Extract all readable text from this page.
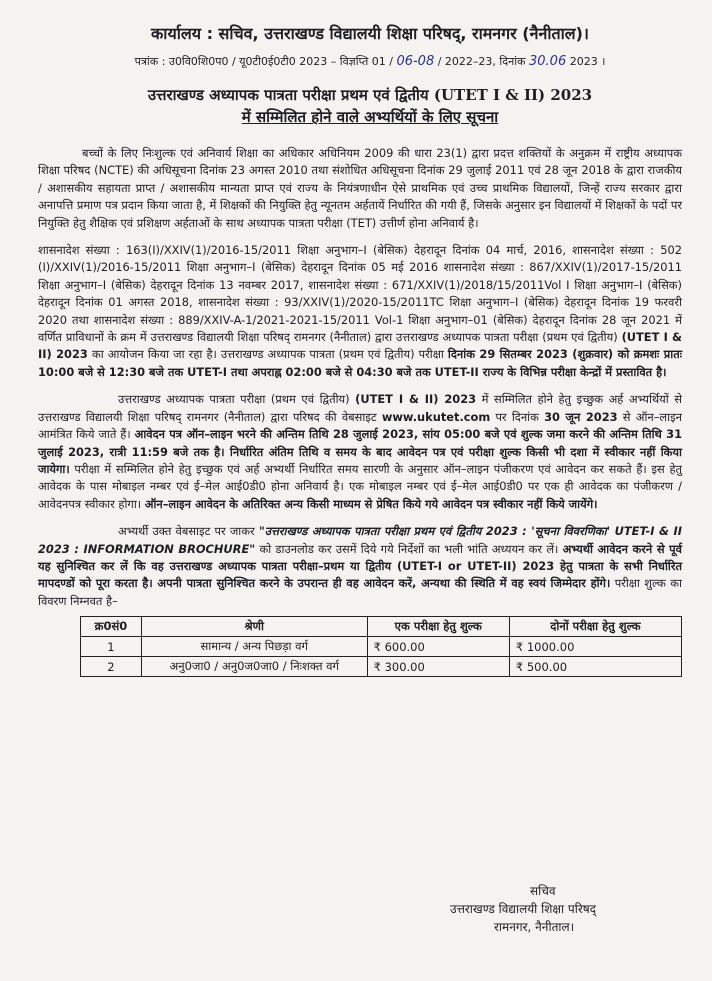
कार्यालय : सचिव, उत्तराखण्ड विद्यालयी शिक्षा परिषद्, रामनगर (नैनीताल)।
पत्रांक : उ0वि0शि0प0 / यू0टी0ई0टी0 2023 – विज्ञप्ति 01 / 06-08 / 2022–23, दिनांक 30.06 2023 ।
उत्तराखण्ड अध्यापक पात्रता परीक्षा प्रथम एवं द्वितीय (UTET I & II) 2023
में सम्मिलित होने वाले अभ्यर्थियों के लिए सूचना
बच्चों के लिए निःशुल्क एवं अनिवार्य शिक्षा का अधिकार अधिनियम 2009 की धारा 23(1) द्वारा प्रदत्त शक्तियों के अनुक्रम में राष्ट्रीय अध्यापक शिक्षा परिषद (NCTE) की अधिसूचना दिनांक 23 अगस्त 2010 तथा संशोधित अधिसूचना दिनांक 29 जुलाई 2011 एवं 28 जून 2018 के द्वारा राजकीय / अशासकीय सहायता प्राप्त / अशासकीय मान्यता प्राप्त एवं राज्य के नियंत्रणाधीन ऐसे प्राथमिक एवं उच्च प्राथमिक विद्यालयों, जिन्हें राज्य सरकार द्वारा अनापत्ति प्रमाण पत्र प्रदान किया जाता है, में शिक्षकों की नियुक्ति हेतु न्यूनतम अर्हतायें निर्धारित की गयी हैं, जिसके अनुसार इन विद्यालयों में शिक्षकों के पदों पर नियुक्ति हेतु शैक्षिक एवं प्रशिक्षण अर्हताओं के साथ अध्यापक पात्रता परीक्षा (TET) उत्तीर्ण होना अनिवार्य है।
शासनादेश संख्या : 163(I)/XXIV(1)/2016-15/2011 शिक्षा अनुभाग–I (बेसिक) देहरादून दिनांक 04 मार्च, 2016, शासनादेश संख्या : 502 (I)/XXIV(1)/2016-15/2011 शिक्षा अनुभाग–I (बेसिक) देहरादून दिनांक 05 मई 2016 शासनादेश संख्या : 867/XXIV(1)/2017-15/2011 शिक्षा अनुभाग–I (बेसिक) देहरादून दिनांक 13 नवम्बर 2017, शासनादेश संख्या : 671/XXIV(1)/2018/15/2011Vol I शिक्षा अनुभाग–I (बेसिक) देहरादून दिनांक 01 अगस्त 2018, शासनादेश संख्या : 93/XXIV(1)/2020-15/2011TC शिक्षा अनुभाग–I (बेसिक) देहरादून दिनांक 19 फरवरी 2020 तथा शासनादेश संख्या : 889/XXIV-A-1/2021-2021-15/2011 Vol-1 शिक्षा अनुभाग–01 (बेसिक) देहरादून दिनांक 28 जून 2021 में वर्णित प्राविधानों के क्रम में उत्तराखण्ड विद्यालयी शिक्षा परिषद् रामनगर (नैनीताल) द्वारा उत्तराखण्ड अध्यापक पात्रता परीक्षा (प्रथम एवं द्वितीय) (UTET I & II) 2023 का आयोजन किया जा रहा है। उत्तराखण्ड अध्यापक पात्रता (प्रथम एवं द्वितीय) परीक्षा दिनांक 29 सितम्बर 2023 (शुक्रवार) को क्रमशः प्रातः 10:00 बजे से 12:30 बजे तक UTET-I तथा अपराह्न 02:00 बजे से 04:30 बजे तक UTET-II राज्य के विभिन्न परीक्षा केन्द्रों में प्रस्तावित है।
उत्तराखण्ड अध्यापक पात्रता परीक्षा (प्रथम एवं द्वितीय) (UTET I & II) 2023 में सम्मिलित होने हेतु इच्छुक अर्ह अभ्यर्थियों से उत्तराखण्ड विद्यालयी शिक्षा परिषद् रामनगर (नैनीताल) द्वारा परिषद की वेबसाइट www.ukutet.com पर दिनांक 30 जून 2023 से ऑन–लाइन आमंत्रित किये जाते हैं। आवेदन पत्र ऑन–लाइन भरने की अन्तिम तिथि 28 जुलाई 2023, सांय 05:00 बजे एवं शुल्क जमा करने की अन्तिम तिथि 31 जुलाई 2023, रात्री 11:59 बजे तक है। निर्धारित अंतिम तिथि व समय के बाद आवेदन पत्र एवं परीक्षा शुल्क किसी भी दशा में स्वीकार नहीं किया जायेगा। परीक्षा में सम्मिलित होने हेतु इच्छुक एवं अर्ह अभ्यर्थी निर्धारित समय सारणी के अनुसार ऑन–लाइन पंजीकरण एवं आवेदन कर सकते हैं। इस हेतु आवेदक के पास मोबाइल नम्बर एवं ई–मेल आई0डी0 होना अनिवार्य है। एक मोबाइल नम्बर एवं ई–मेल आई0डी0 पर एक ही आवेदक का पंजीकरण / आवेदनपत्र स्वीकार होगा। ऑन–लाइन आवेदन के अतिरिक्त अन्य किसी माध्यम से प्रेषित किये गये आवेदन पत्र स्वीकार नहीं किये जायेंगे।
अभ्यर्थी उक्त वेबसाइट पर जाकर "उत्तराखण्ड अध्यापक पात्रता परीक्षा प्रथम एवं द्वितीय 2023 : 'सूचना विवरणिका' UTET-I & II 2023 : INFORMATION BROCHURE" को डाउनलोड कर उसमें दिये गये निर्देशों का भली भांति अध्ययन कर लें। अभ्यर्थी आवेदन करने से पूर्व यह सुनिश्चित कर लें कि वह उत्तराखण्ड अध्यापक पात्रता परीक्षा–प्रथम या द्वितीय (UTET-I or UTET-II) 2023 हेतु पात्रता के सभी निर्धारित मापदण्डों को पूरा करता है। अपनी पात्रता सुनिश्चित करने के उपरान्त ही वह आवेदन करें, अन्यथा की स्थिति में वह स्वयं जिम्मेदार होंगे। परीक्षा शुल्क का विवरण निम्नवत है–
क्र0सं0	श्रेणी	एक परीक्षा हेतु शुल्क	दोनों परीक्षा हेतु शुल्क
1	सामान्य / अन्य पिछड़ा वर्ग	₹ 600.00	₹ 1000.00
2	अनु0जा0 / अनु0ज0जा0 / निःशक्त वर्ग	₹ 300.00	₹ 500.00
सचिव
उत्तराखण्ड विद्यालयी शिक्षा परिषद्
रामनगर, नैनीताल।
